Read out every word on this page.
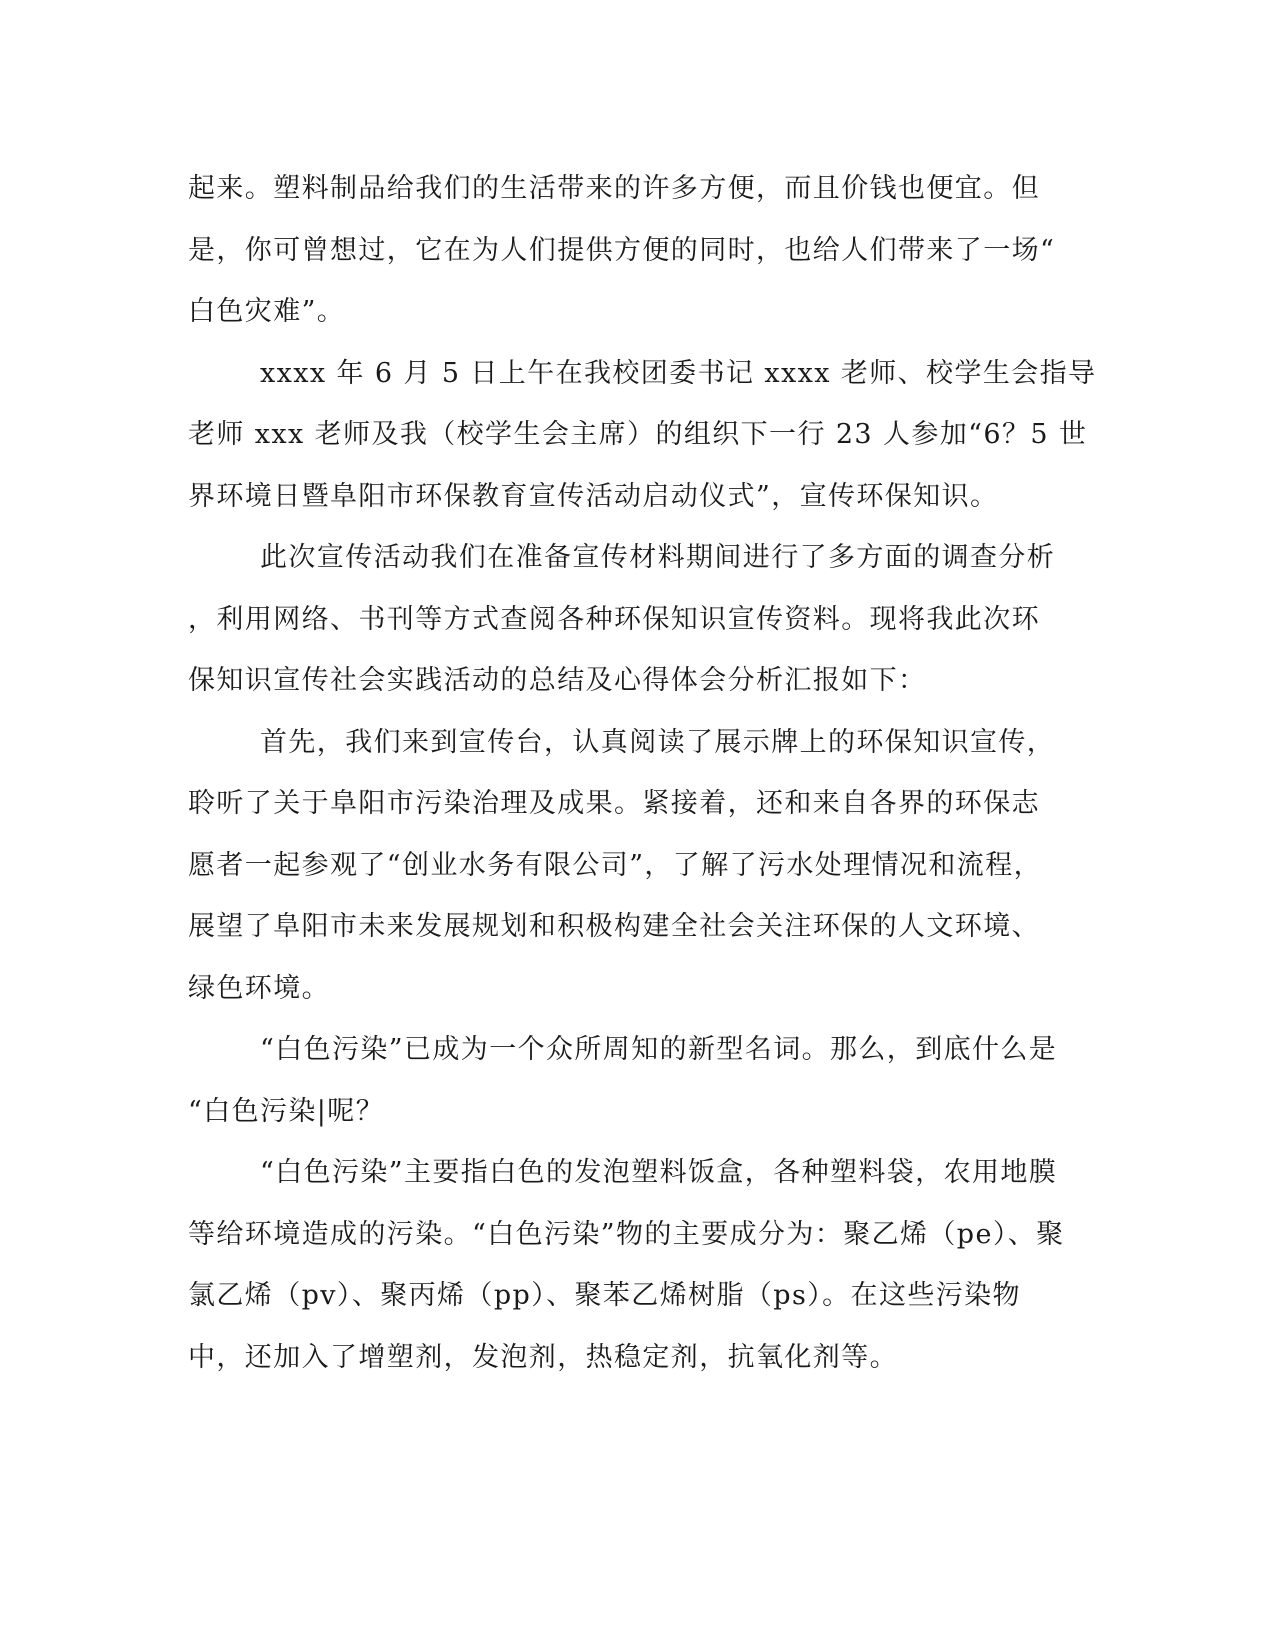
起来。塑料制品给我们的生活带来的许多方便，而且价钱也便宜。但
是，你可曾想过，它在为人们提供方便的同时，也给人们带来了一场“
白色灾难”。

xxxx 年 6 月 5 日上午在我校团委书记 xxxx 老师、校学生会指导
老师 xxx 老师及我（校学生会主席）的组织下一行 23 人参加“6？5 世
界环境日暨阜阳市环保教育宣传活动启动仪式”，宣传环保知识。

此次宣传活动我们在准备宣传材料期间进行了多方面的调查分析
，利用网络、书刊等方式查阅各种环保知识宣传资料。现将我此次环
保知识宣传社会实践活动的总结及心得体会分析汇报如下：

首先，我们来到宣传台，认真阅读了展示牌上的环保知识宣传，
聆听了关于阜阳市污染治理及成果。紧接着，还和来自各界的环保志
愿者一起参观了“创业水务有限公司”，了解了污水处理情况和流程，
展望了阜阳市未来发展规划和积极构建全社会关注环保的人文环境、
绿色环境。

“白色污染”已成为一个众所周知的新型名词。那么，到底什么是
“白色污染|呢？

“白色污染”主要指白色的发泡塑料饭盒，各种塑料袋，农用地膜
等给环境造成的污染。“白色污染”物的主要成分为：聚乙烯（pe）、聚
氯乙烯（pv）、聚丙烯（pp）、聚苯乙烯树脂（ps）。在这些污染物
中，还加入了增塑剂，发泡剂，热稳定剂，抗氧化剂等。
